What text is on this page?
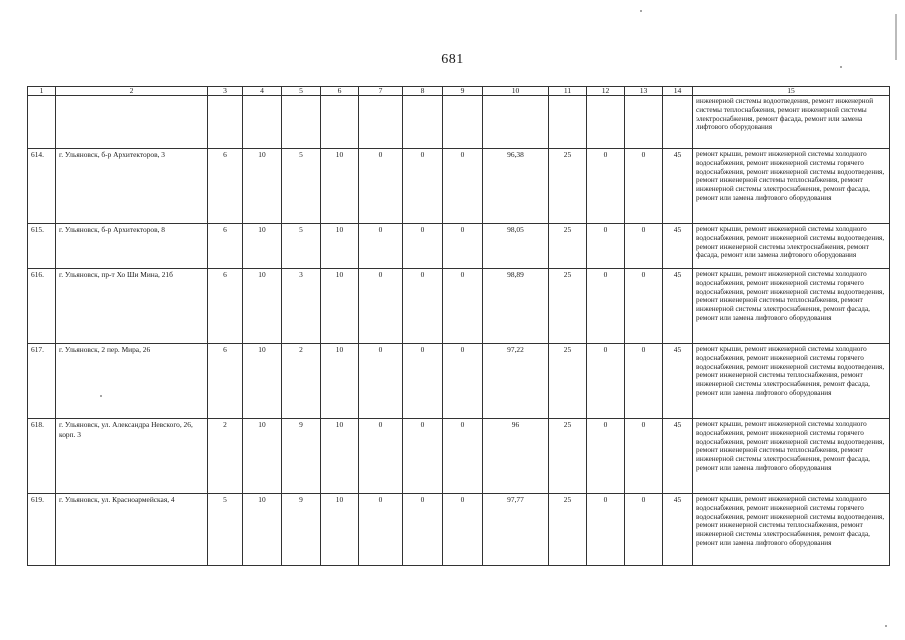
681
1	2	3	4	5	6	7	8	9	10	11	12	13	14	15
														инженерной системы водоотведения, ремонт инженерной системы теплоснабжения, ремонт инженерной системы электроснабжения, ремонт фасада, ремонт или замена лифтового оборудования
614.	г. Ульяновск, б-р Архитекторов, 3	6	10	5	10	0	0	0	96,38	25	0	0	45	ремонт крыши, ремонт инженерной системы холодного водоснабжения, ремонт инженерной системы горячего водоснабжения, ремонт инженерной системы водоотведения, ремонт инженерной системы теплоснабжения, ремонт инженерной системы электроснабжения, ремонт фасада, ремонт или замена лифтового оборудования
615.	г. Ульяновск, б-р Архитекторов, 8	6	10	5	10	0	0	0	98,05	25	0	0	45	ремонт крыши, ремонт инженерной системы холодного водоснабжения, ремонт инженерной системы водоотведения, ремонт инженерной системы электроснабжения, ремонт фасада, ремонт или замена лифтового оборудования
616.	г. Ульяновск, пр-т Хо Ши Мина, 21б	6	10	3	10	0	0	0	98,89	25	0	0	45	ремонт крыши, ремонт инженерной системы холодного водоснабжения, ремонт инженерной системы горячего водоснабжения, ремонт инженерной системы водоотведения, ремонт инженерной системы теплоснабжения, ремонт инженерной системы электроснабжения, ремонт фасада, ремонт или замена лифтового оборудования
617.	г. Ульяновск, 2 пер. Мира, 26	6	10	2	10	0	0	0	97,22	25	0	0	45	ремонт крыши, ремонт инженерной системы холодного водоснабжения, ремонт инженерной системы горячего водоснабжения, ремонт инженерной системы водоотведения, ремонт инженерной системы теплоснабжения, ремонт инженерной системы электроснабжения, ремонт фасада, ремонт или замена лифтового оборудования
618.	г. Ульяновск, ул. Александра Невского, 26, корп. 3	2	10	9	10	0	0	0	96	25	0	0	45	ремонт крыши, ремонт инженерной системы холодного водоснабжения, ремонт инженерной системы горячего водоснабжения, ремонт инженерной системы водоотведения, ремонт инженерной системы теплоснабжения, ремонт инженерной системы электроснабжения, ремонт фасада, ремонт или замена лифтового оборудования
619.	г. Ульяновск, ул. Красноармейская, 4	5	10	9	10	0	0	0	97,77	25	0	0	45	ремонт крыши, ремонт инженерной системы холодного водоснабжения, ремонт инженерной системы горячего водоснабжения, ремонт инженерной системы водоотведения, ремонт инженерной системы теплоснабжения, ремонт инженерной системы электроснабжения, ремонт фасада, ремонт или замена лифтового оборудования
